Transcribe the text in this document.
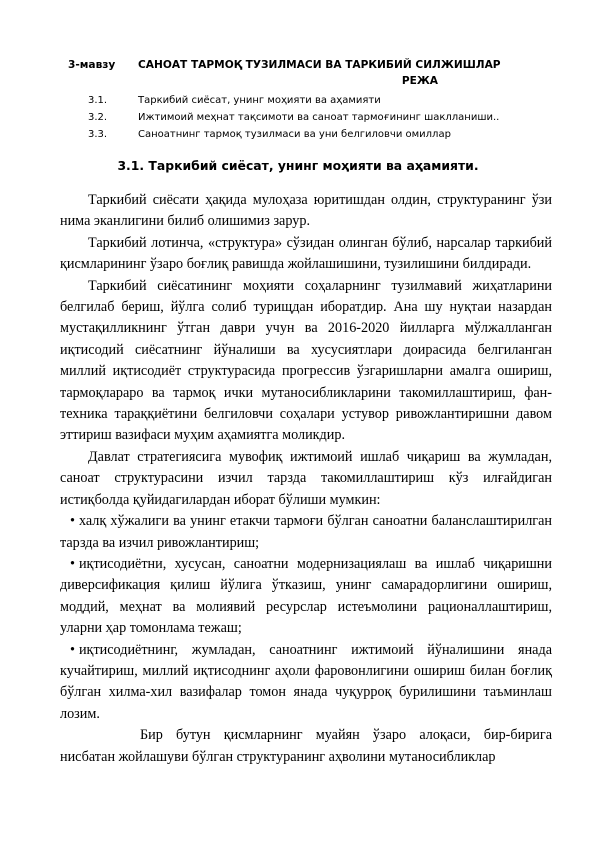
3-мавзу САНОАТ ТАРМОҚ ТУЗИЛМАСИ ВА ТАРКИБИЙ СИЛЖИШЛАР
РЕЖА
3.1.	Таркибий сиёсат, унинг моҳияти ва аҳамияти
3.2.	Ижтимоий меҳнат тақсимоти ва саноат тармоғининг шаклланиши..
3.3.	Саноатнинг тармоқ тузилмаси ва уни белгиловчи омиллар
3.1. Таркибий сиёсат, унинг моҳияти ва аҳамияти.

Таркибий сиёсати ҳақида мулоҳаза юритишдан олдин, структуранинг ўзи нима эканлигини билиб олишимиз зарур.

Таркибий лотинча, «структура» сўзидан олинган бўлиб, нарсалар таркибий қисмларининг ўзаро боғлиқ равишда жойлашишини, тузилишини билдиради.

Таркибий сиёсатининг моҳияти соҳаларнинг тузилмавий жиҳатларини белгилаб бериш, йўлга солиб турищдан иборатдир. Ана шу нуқтаи назардан мустақилликнинг ўтган даври учун ва 2016-2020 йилларга мўлжалланган иқтисодий сиёсатнинг йўналиши ва хусусиятлари доирасида белгиланган миллий иқтисодиёт структурасида прогрессив ўзгаришларни амалга ошириш, тармоқлараро ва тармоқ ички мутаносибликларини такомиллаштириш, фан-техника тараққиётини белгиловчи соҳалари устувор ривожлантиришни давом эттириш вазифаси муҳим аҳамиятга моликдир.

Давлат стратегиясига мувофиқ ижтимоий ишлаб чиқариш ва жумладан, саноат структурасини изчил тарзда такомиллаштириш кўз илғайдиган истиқболда қуйидагилардан иборат бўлиши мумкин:

• халқ хўжалиги ва унинг етакчи тармоғи бўлган саноатни баланслаштирилган тарзда ва изчил ривожлантириш;

• иқтисодиётни, хусусан, саноатни модернизациялаш ва ишлаб чиқаришни диверсификация қилиш йўлига ўтказиш, унинг самарадорлигини ошириш, моддий, меҳнат ва молиявий ресурслар истеъмолини рационаллаштириш, уларни ҳар томонлама тежаш;

• иқтисодиётнинг, жумладан, саноатнинг ижтимоий йўналишини янада кучайтириш, миллий иқтисоднинг аҳоли фаровонлигини ошириш билан боғлиқ бўлган хилма-хил вазифалар томон янада чуқурроқ бурилишини таъминлаш лозим.

Бир бутун қисмларнинг муайян ўзаро алоқаси, бир-бирига нисбатан жойлашуви бўлган структуранинг аҳволини мутаносибликлар
